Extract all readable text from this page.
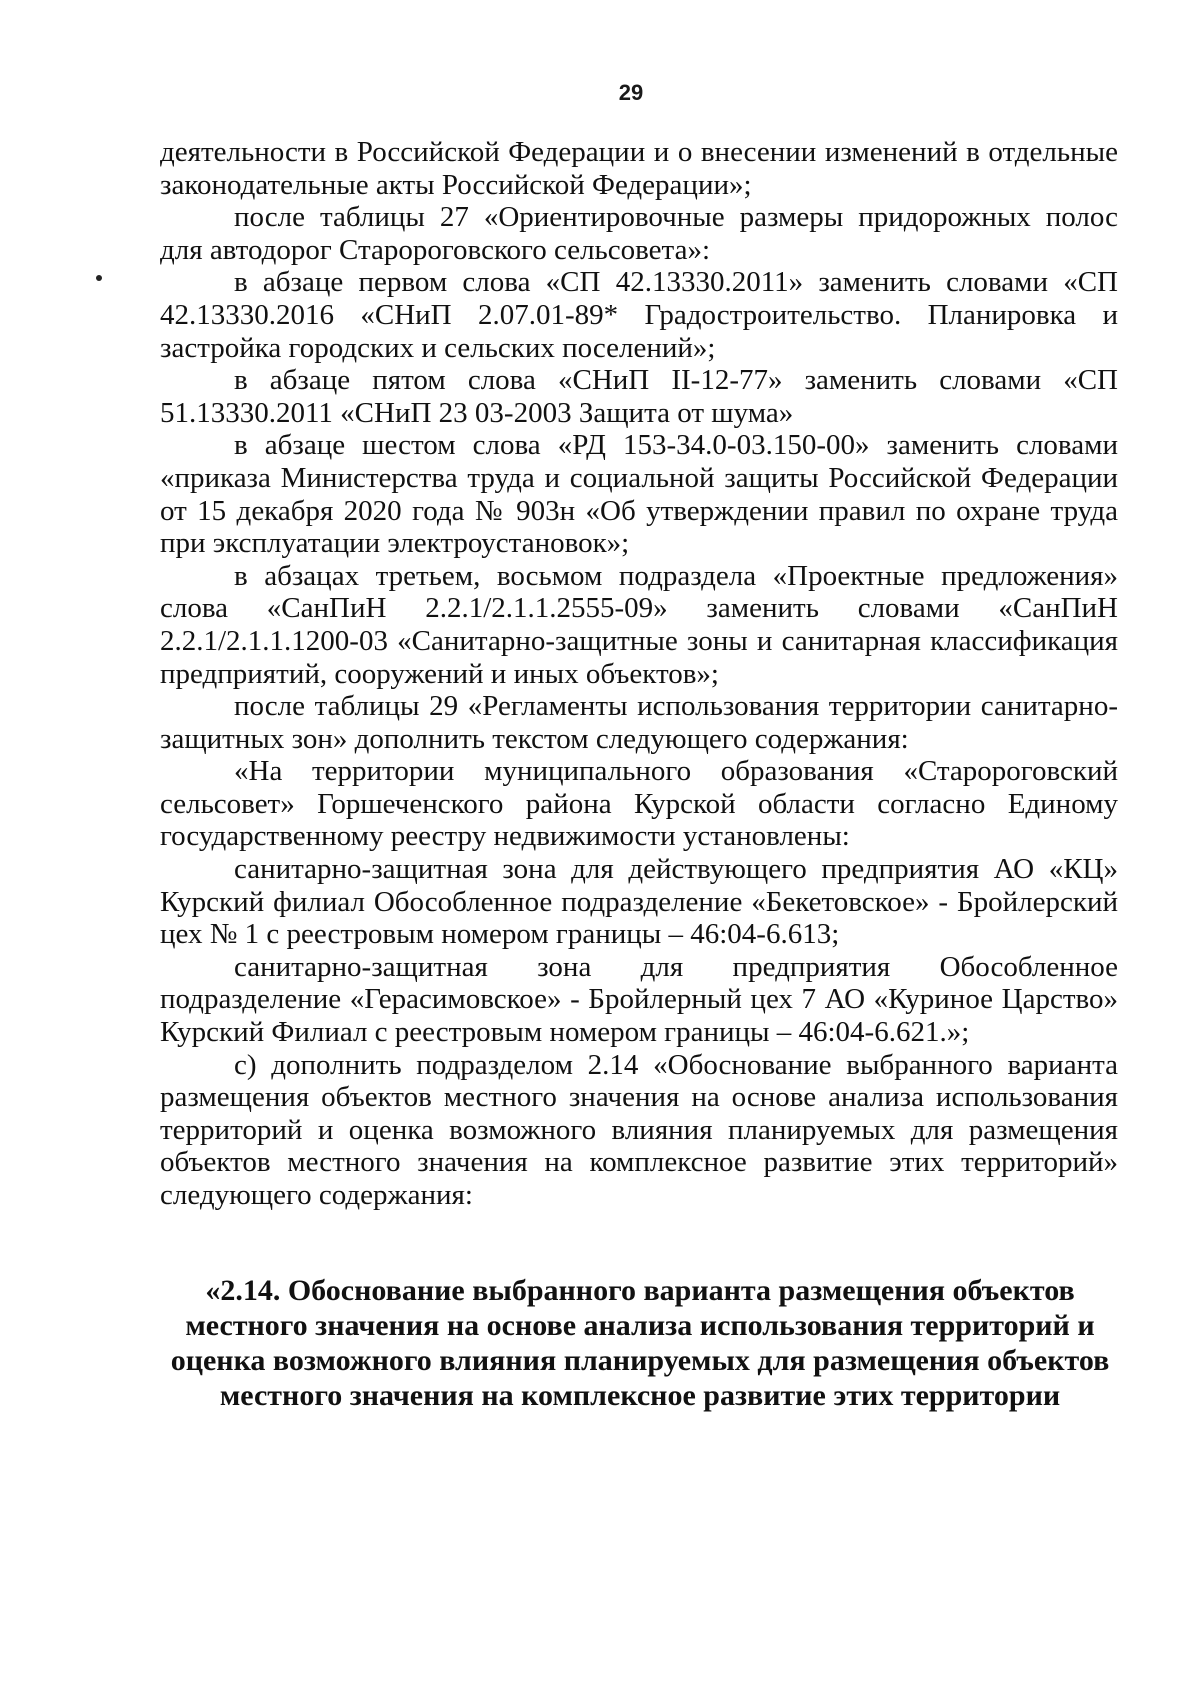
29

деятельности в Российской Федерации и о внесении изменений в отдельные законодательные акты Российской Федерации»;

после таблицы 27 «Ориентировочные размеры придорожных полос для автодорог Старороговского сельсовета»:

в абзаце первом слова «СП 42.13330.2011» заменить словами «СП 42.13330.2016 «СНиП 2.07.01-89* Градостроительство. Планировка и застройка городских и сельских поселений»;

в абзаце пятом слова «СНиП II-12-77» заменить словами «СП 51.13330.2011 «СНиП 23 03-2003 Защита от шума»

в абзаце шестом слова «РД 153-34.0-03.150-00» заменить словами «приказа Министерства труда и социальной защиты Российской Федерации от 15 декабря 2020 года № 903н «Об утверждении правил по охране труда при эксплуатации электроустановок»;

в абзацах третьем, восьмом подраздела «Проектные предложения» слова «СанПиН 2.2.1/2.1.1.2555-09» заменить словами «СанПиН 2.2.1/2.1.1.1200-03 «Санитарно-защитные зоны и санитарная классификация предприятий, сооружений и иных объектов»;

после таблицы 29 «Регламенты использования территории санитарно-защитных зон» дополнить текстом следующего содержания:

«На территории муниципального образования «Старороговский сельсовет» Горшеченского района Курской области согласно Единому государственному реестру недвижимости установлены:

санитарно-защитная зона для действующего предприятия АО «КЦ» Курский филиал Обособленное подразделение «Бекетовское» - Бройлерский цех № 1 с реестровым номером границы – 46:04-6.613;

санитарно-защитная зона для предприятия Обособленное подразделение «Герасимовское» - Бройлерный цех 7 АО «Куриное Царство» Курский Филиал с реестровым номером границы – 46:04-6.621.»;

с) дополнить подразделом 2.14 «Обоснование выбранного варианта размещения объектов местного значения на основе анализа использования территорий и оценка возможного влияния планируемых для размещения объектов местного значения на комплексное развитие этих территорий» следующего содержания:

«2.14. Обоснование выбранного варианта размещения объектов
местного значения на основе анализа использования территорий и
оценка возможного влияния планируемых для размещения объектов
местного значения на комплексное развитие этих территории
